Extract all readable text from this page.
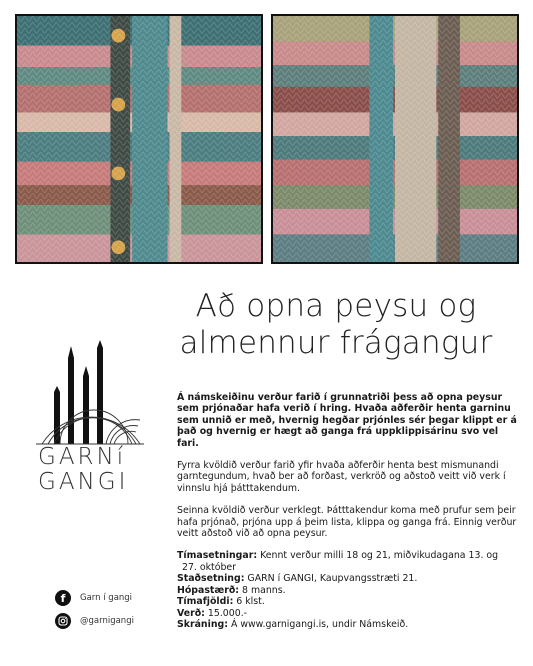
Að opna peysu og
almennur frágangur
GARNí
GANGI

Á námskeiðinu verður farið í grunnatriði þess að opna peysur sem prjónaðar hafa verið í hring. Hvaða aðferðir henta garninu sem unnið er með, hvernig hegðar prjónles sér þegar klippt er á það og hvernig er hægt að ganga frá uppklippisárinu svo vel fari.

Fyrra kvöldið verður farið yfir hvaða aðferðir henta best mismunandi garntegundum, hvað ber að forðast, verkröð og aðstoð veitt við verk í vinnslu hjá þátttakendum.

Seinna kvöldið verður verklegt. Þátttakendur koma með prufur sem þeir hafa prjónað, prjóna upp á þeim lista, klippa og ganga frá. Einnig verður veitt aðstoð við að opna peysur.

Tímasetningar: Kennt verður milli 18 og 21, miðvikudagana 13. og
27. október
Staðsetning: GARN í GANGI, Kaupvangsstræti 21.
Hópastærð: 8 manns.
Tímafjöldi: 6 klst.
Verð: 15.000.-
Skráning: Á www.garnigangi.is, undir Námskeið.
f	Garn í gangi
@garnigangi
